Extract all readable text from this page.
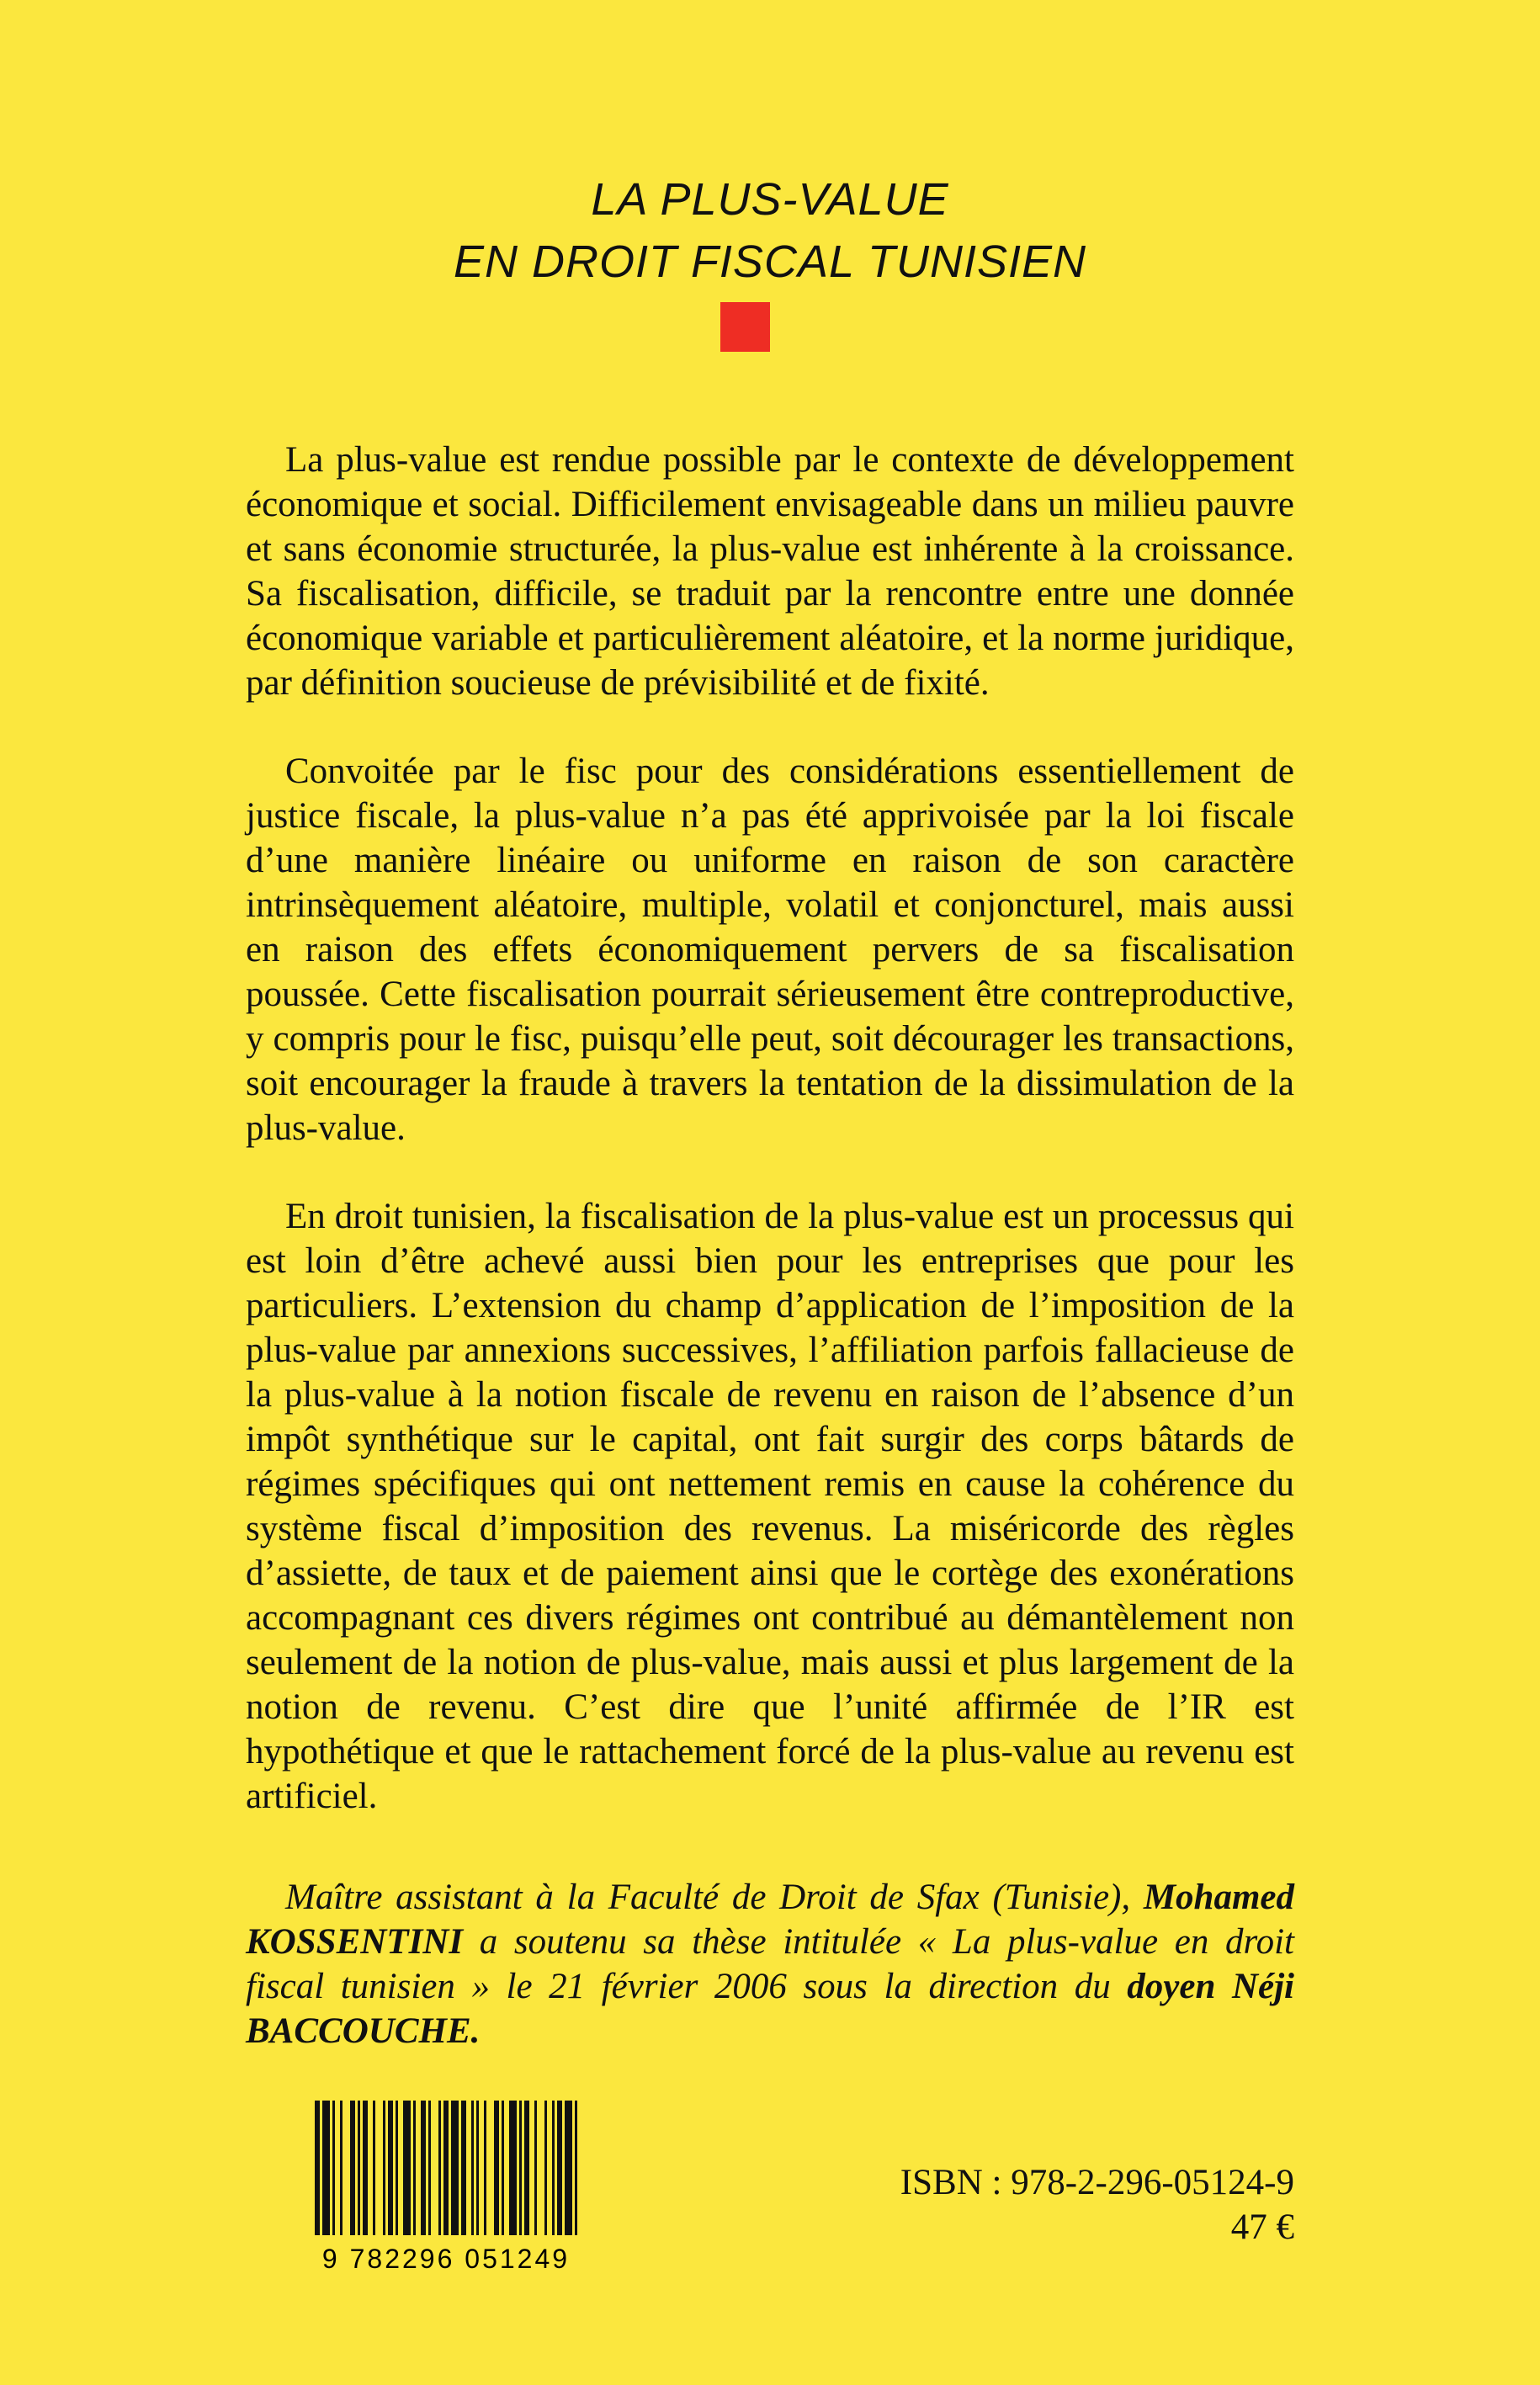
LA PLUS-VALUE
EN DROIT FISCAL TUNISIEN

La plus-value est rendue possible par le contexte de développement économique et social. Difficilement envisageable dans un milieu pauvre et sans économie structurée, la plus-value est inhérente à la croissance. Sa fiscalisation, difficile, se traduit par la rencontre entre une donnée économique variable et particulièrement aléatoire, et la norme juridique, par définition soucieuse de prévisibilité et de fixité.

Convoitée par le fisc pour des considérations essentiellement de justice fiscale, la plus-value n’a pas été apprivoisée par la loi fiscale d’une manière linéaire ou uniforme en raison de son caractère intrinsèquement aléatoire, multiple, volatil et conjoncturel, mais aussi en raison des effets économiquement pervers de sa fiscalisation poussée. Cette fiscalisation pourrait sérieusement être contreproductive, y compris pour le fisc, puisqu’elle peut, soit décourager les transactions, soit encourager la fraude à travers la tentation de la dissimulation de la plus-value.

En droit tunisien, la fiscalisation de la plus-value est un processus qui est loin d’être achevé aussi bien pour les entreprises que pour les particuliers. L’extension du champ d’application de l’imposition de la plus-value par annexions successives, l’affiliation parfois fallacieuse de la plus-value à la notion fiscale de revenu en raison de l’absence d’un impôt synthétique sur le capital, ont fait surgir des corps bâtards de régimes spécifiques qui ont nettement remis en cause la cohérence du système fiscal d’imposition des revenus. La miséricorde des règles d’assiette, de taux et de paiement ainsi que le cortège des exonérations accompagnant ces divers régimes ont contribué au démantèlement non seulement de la notion de plus-value, mais aussi et plus largement de la notion de revenu. C’est dire que l’unité affirmée de l’IR est hypothétique et que le rattachement forcé de la plus-value au revenu est artificiel.

Maître assistant à la Faculté de Droit de Sfax (Tunisie), Mohamed KOSSENTINI a soutenu sa thèse intitulée « La plus-value en droit fiscal tunisien » le 21 février 2006 sous la direction du doyen Néji BACCOUCHE.
9 782296 051249
ISBN : 978-2-296-05124-9
47 €
